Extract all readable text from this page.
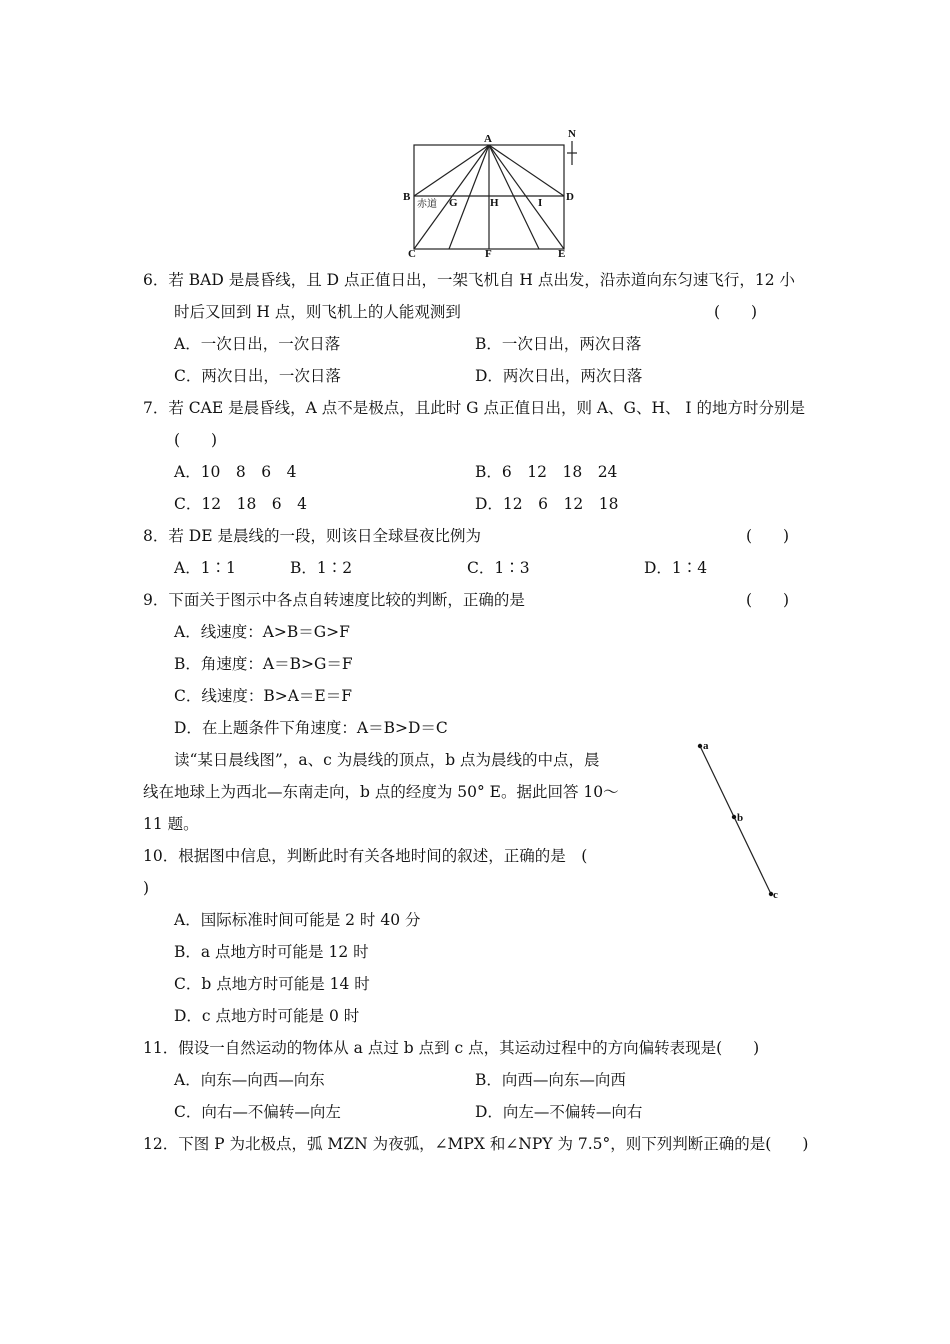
A	N
B	D
G	H	I
C	F	E
赤道
6．若 BAD 是晨昏线，且 D 点正值日出，一架飞机自 H 点出发，沿赤道向东匀速飞行，12 小
时后又回到 H 点，则飞机上的人能观测到	(　　)
A．一次日出，一次日落	B．一次日出，两次日落
C．两次日出，一次日落	D．两次日出，两次日落
7．若 CAE 是晨昏线，A 点不是极点，且此时 G 点正值日出，则 A、G、H、 I 的地方时分别是
(　　)
A．10　8　6　4	B．6　12　18　24
C．12　18　6　4	D．12　6　12　18
8．若 DE 是晨线的一段，则该日全球昼夜比例为	(　　)
A．1∶1	B．1∶2	C．1∶3	D．1∶4
9．下面关于图示中各点自转速度比较的判断，正确的是	(　　)
A．线速度：A>B＝G>F
B．角速度：A＝B>G＝F
C．线速度：B>A＝E＝F
D．在上题条件下角速度：A＝B>D＝C
读“某日晨线图”，a、c 为晨线的顶点，b 点为晨线的中点，晨
线在地球上为西北—东南走向，b 点的经度为 50° E。据此回答 10～
11 题。
a
b
c
10．根据图中信息，判断此时有关各地时间的叙述，正确的是　(
)
A．国际标准时间可能是 2 时 40 分
B．a 点地方时可能是 12 时
C．b 点地方时可能是 14 时
D．c 点地方时可能是 0 时
11．假设一自然运动的物体从 a 点过 b 点到 c 点，其运动过程中的方向偏转表现是(　　)
A．向东—向西—向东	B．向西—向东—向西
C．向右—不偏转—向左	D．向左—不偏转—向右
12．下图 P 为北极点，弧 MZN 为夜弧，∠MPX 和∠NPY 为 7.5°，则下列判断正确的是(　　)
